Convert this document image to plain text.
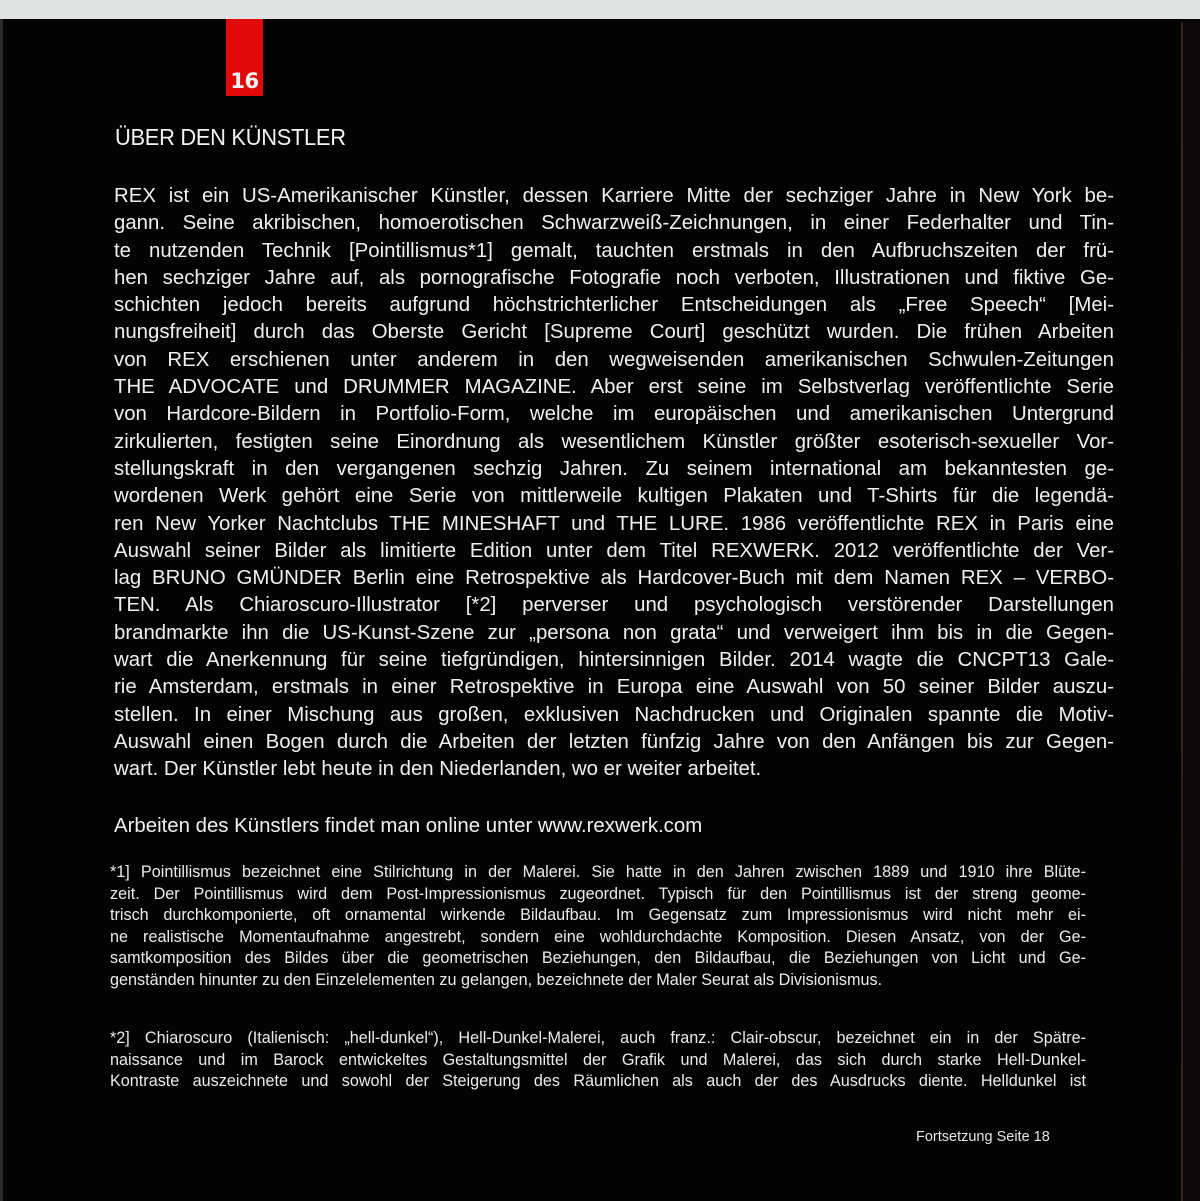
16
ÜBER DEN KÜNSTLER
REX ist ein US-Amerikanischer Künstler, dessen Karriere Mitte der sechziger Jahre in New York be-
gann. Seine akribischen, homoerotischen Schwarzweiß-Zeichnungen, in einer Federhalter und Tin-
te nutzenden Technik [Pointillismus*1] gemalt, tauchten erstmals in den Aufbruchszeiten der frü-
hen sechziger Jahre auf, als pornografische Fotografie noch verboten, Illustrationen und fiktive Ge-
schichten jedoch bereits aufgrund höchstrichterlicher Entscheidungen als „Free Speech“ [Mei-
nungsfreiheit] durch das Oberste Gericht [Supreme Court] geschützt wurden. Die frühen Arbeiten
von REX erschienen unter anderem in den wegweisenden amerikanischen Schwulen-Zeitungen
THE ADVOCATE und DRUMMER MAGAZINE. Aber erst seine im Selbstverlag veröffentlichte Serie
von Hardcore-Bildern in Portfolio-Form, welche im europäischen und amerikanischen Untergrund
zirkulierten, festigten seine Einordnung als wesentlichem Künstler größter esoterisch-sexueller Vor-
stellungskraft in den vergangenen sechzig Jahren. Zu seinem international am bekanntesten ge-
wordenen Werk gehört eine Serie von mittlerweile kultigen Plakaten und T-Shirts für die legendä-
ren New Yorker Nachtclubs THE MINESHAFT und THE LURE. 1986 veröffentlichte REX in Paris eine
Auswahl seiner Bilder als limitierte Edition unter dem Titel REXWERK. 2012 veröffentlichte der Ver-
lag BRUNO GMÜNDER Berlin eine Retrospektive als Hardcover-Buch mit dem Namen REX – VERBO-
TEN. Als Chiaroscuro-Illustrator [*2] perverser und psychologisch verstörender Darstellungen
brandmarkte ihn die US-Kunst-Szene zur „persona non grata“ und verweigert ihm bis in die Gegen-
wart die Anerkennung für seine tiefgründigen, hintersinnigen Bilder. 2014 wagte die CNCPT13 Gale-
rie Amsterdam, erstmals in einer Retrospektive in Europa eine Auswahl von 50 seiner Bilder auszu-
stellen. In einer Mischung aus großen, exklusiven Nachdrucken und Originalen spannte die Motiv-
Auswahl einen Bogen durch die Arbeiten der letzten fünfzig Jahre von den Anfängen bis zur Gegen-
wart. Der Künstler lebt heute in den Niederlanden, wo er weiter arbeitet.
Arbeiten des Künstlers findet man online unter www.rexwerk.com
*1] Pointillismus bezeichnet eine Stilrichtung in der Malerei. Sie hatte in den Jahren zwischen 1889 und 1910 ihre Blüte-
zeit. Der Pointillismus wird dem Post-Impressionismus zugeordnet. Typisch für den Pointillismus ist der streng geome-
trisch durchkomponierte, oft ornamental wirkende Bildaufbau. Im Gegensatz zum Impressionismus wird nicht mehr ei-
ne realistische Momentaufnahme angestrebt, sondern eine wohldurchdachte Komposition. Diesen Ansatz, von der Ge-
samtkomposition des Bildes über die geometrischen Beziehungen, den Bildaufbau, die Beziehungen von Licht und Ge-
genständen hinunter zu den Einzelelementen zu gelangen, bezeichnete der Maler Seurat als Divisionismus.
*2] Chiaroscuro (Italienisch: „hell-dunkel“), Hell-Dunkel-Malerei, auch franz.: Clair-obscur, bezeichnet ein in der Spätre-
naissance und im Barock entwickeltes Gestaltungsmittel der Grafik und Malerei, das sich durch starke Hell-Dunkel-
Kontraste auszeichnete und sowohl der Steigerung des Räumlichen als auch der des Ausdrucks diente. Helldunkel ist
Fortsetzung Seite 18
